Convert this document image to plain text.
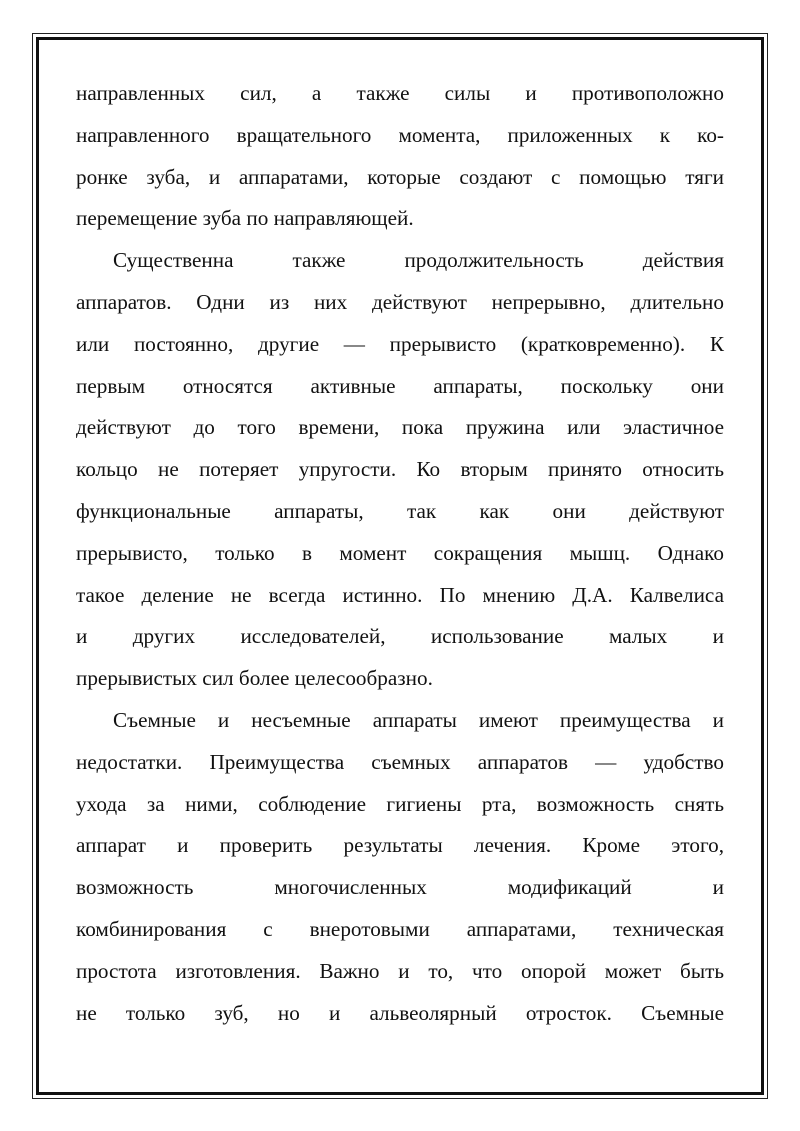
направленных сил, а также силы и противоположно
направленного вращательного момента, приложенных к ко-
ронке зуба, и аппаратами, которые создают с помощью тяги
перемещение зуба по направляющей.
Существенна также продолжительность действия
аппаратов. Одни из них действуют непрерывно, длительно
или постоянно, другие — прерывисто (кратковременно). К
первым относятся активные аппараты, поскольку они
действуют до того времени, пока пружина или эластичное
кольцо не потеряет упругости. Ко вторым принято относить
функциональные аппараты, так как они действуют
прерывисто, только в момент сокращения мышц. Однако
такое деление не всегда истинно. По мнению Д.А. Калвелиса
и других исследователей, использование малых и
прерывистых сил более целесообразно.
Съемные и несъемные аппараты имеют преимущества и
недостатки. Преимущества съемных аппаратов — удобство
ухода за ними, соблюдение гигиены рта, возможность снять
аппарат и проверить результаты лечения. Кроме этого,
возможность многочисленных модификаций и
комбинирования с внеротовыми аппаратами, техническая
простота изготовления. Важно и то, что опорой может быть
не только зуб, но и альвеолярный отросток. Съемные
